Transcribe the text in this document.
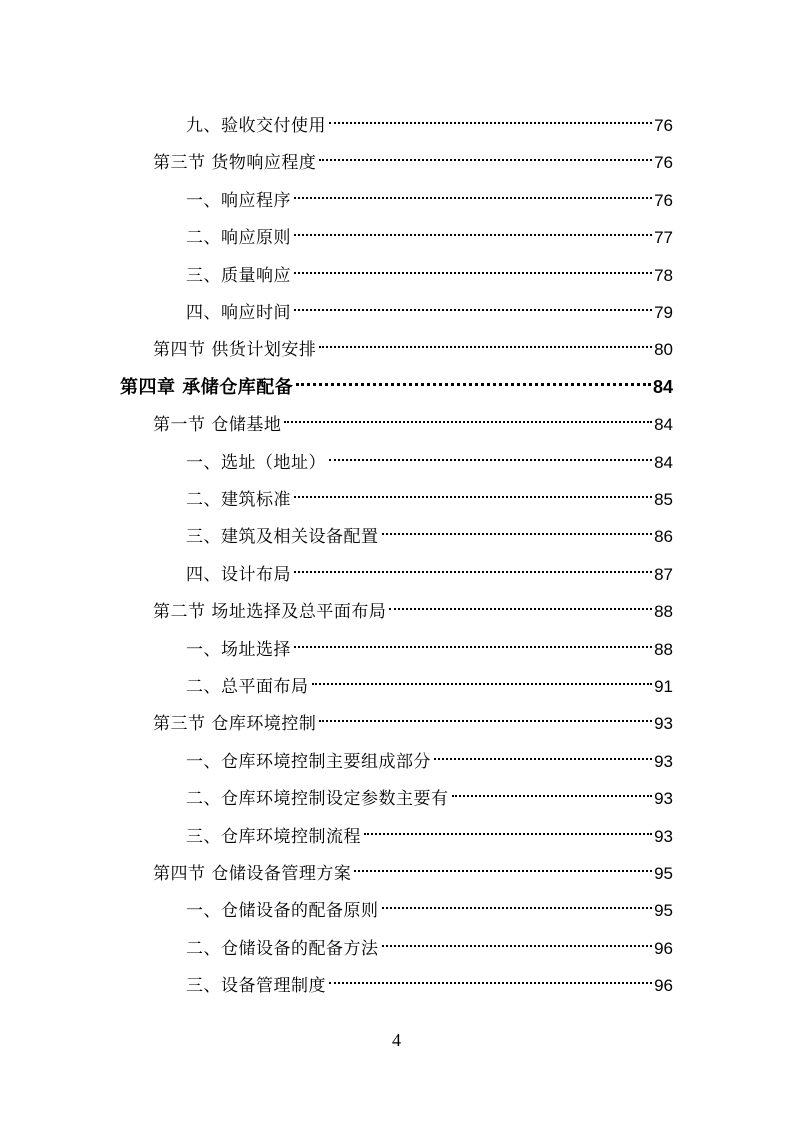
九、验收交付使用	76
第三节 货物响应程度	76
一、响应程序	76
二、响应原则	77
三、质量响应	78
四、响应时间	79
第四节 供货计划安排	80
第四章 承储仓库配备	84
第一节 仓储基地	84
一、选址（地址）	84
二、建筑标准	85
三、建筑及相关设备配置	86
四、设计布局	87
第二节 场址选择及总平面布局	88
一、场址选择	88
二、总平面布局	91
第三节 仓库环境控制	93
一、仓库环境控制主要组成部分	93
二、仓库环境控制设定参数主要有	93
三、仓库环境控制流程	93
第四节 仓储设备管理方案	95
一、仓储设备的配备原则	95
二、仓储设备的配备方法	96
三、设备管理制度	96
4
